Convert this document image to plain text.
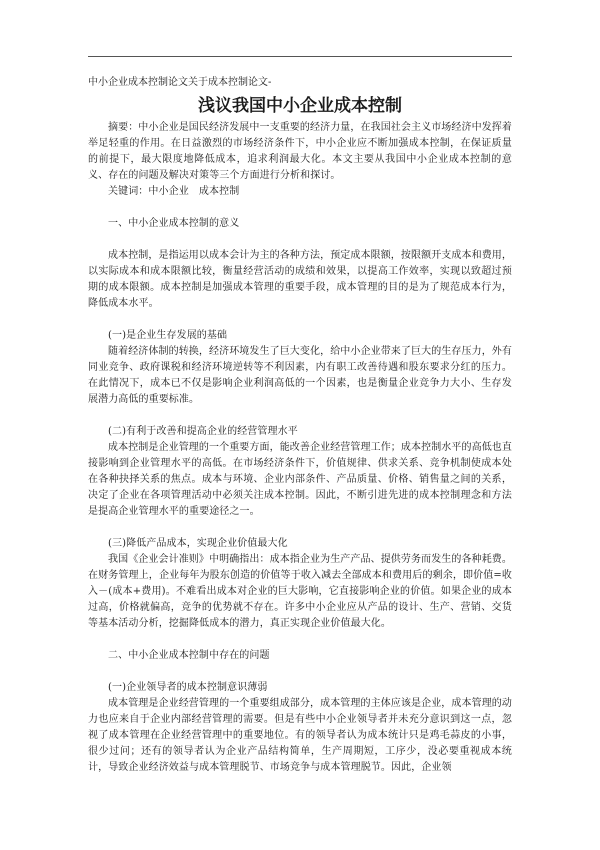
中小企业成本控制论文关于成本控制论文-
浅议我国中小企业成本控制

摘要：中小企业是国民经济发展中一支重要的经济力量，在我国社会主义市场经济中发挥着举足轻重的作用。在日益激烈的市场经济条件下，中小企业应不断加强成本控制，在保证质量的前提下，最大限度地降低成本，追求利润最大化。本文主要从我国中小企业成本控制的意义、存在的问题及解决对策等三个方面进行分析和探讨。

关键词：中小企业　成本控制

一、中小企业成本控制的意义

成本控制，是指运用以成本会计为主的各种方法，预定成本限额，按限额开支成本和费用，以实际成本和成本限额比较，衡量经营活动的成绩和效果，以提高工作效率，实现以致超过预期的成本限额。成本控制是加强成本管理的重要手段，成本管理的目的是为了规范成本行为，降低成本水平。

(一)是企业生存发展的基础

随着经济体制的转换，经济环境发生了巨大变化，给中小企业带来了巨大的生存压力，外有同业竞争、政府课税和经济环境逆转等不利因素，内有职工改善待遇和股东要求分红的压力。在此情况下，成本已不仅是影响企业利润高低的一个因素，也是衡量企业竞争力大小、生存发展潜力高低的重要标准。

(二)有利于改善和提高企业的经营管理水平

成本控制是企业管理的一个重要方面，能改善企业经营管理工作；成本控制水平的高低也直接影响到企业管理水平的高低。在市场经济条件下，价值规律、供求关系、竞争机制使成本处在各种抉择关系的焦点。成本与环境、企业内部条件、产品质量、价格、销售量之间的关系，决定了企业在各项管理活动中必须关注成本控制。因此，不断引进先进的成本控制理念和方法是提高企业管理水平的重要途径之一。

(三)降低产品成本，实现企业价值最大化

我国《企业会计准则》中明确指出：成本指企业为生产产品、提供劳务而发生的各种耗费。在财务管理上，企业每年为股东创造的价值等于收入减去全部成本和费用后的剩余，即价值=收入－(成本+费用)。不难看出成本对企业的巨大影响，它直接影响企业的价值。如果企业的成本过高，价格就偏高，竞争的优势就不存在。许多中小企业应从产品的设计、生产、营销、交货等基本活动分析，挖掘降低成本的潜力，真正实现企业价值最大化。

二、中小企业成本控制中存在的问题

(一)企业领导者的成本控制意识薄弱

成本管理是企业经营管理的一个重要组成部分，成本管理的主体应该是企业，成本管理的动力也应来自于企业内部经营管理的需要。但是有些中小企业领导者并未充分意识到这一点，忽视了成本管理在企业经营管理中的重要地位。有的领导者认为成本统计只是鸡毛蒜皮的小事，很少过问；还有的领导者认为企业产品结构简单，生产周期短，工序少，没必要重视成本统计，导致企业经济效益与成本管理脱节、市场竞争与成本管理脱节。因此，企业领
